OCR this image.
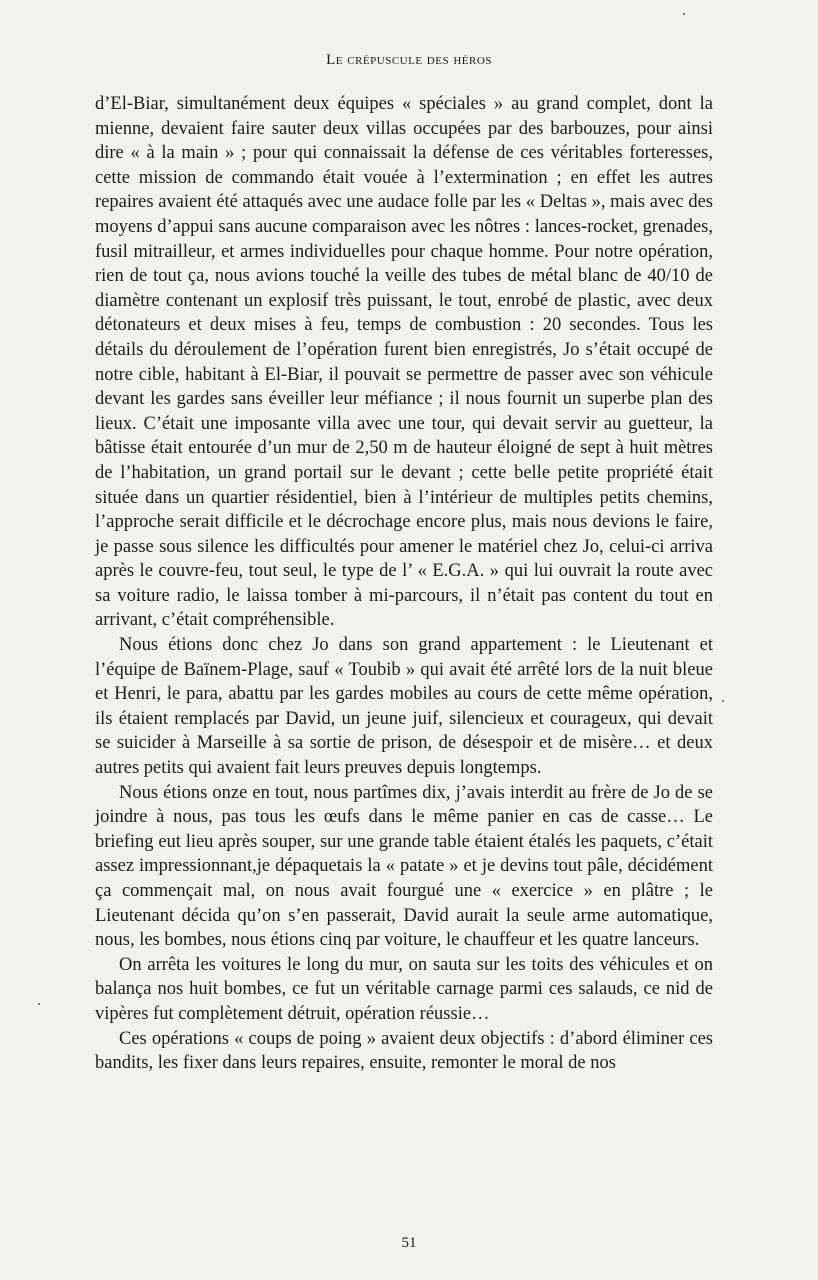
Le crépuscule des héros

d’El-Biar, simultanément deux équipes « spéciales » au grand complet, dont la mienne, devaient faire sauter deux villas occupées par des barbouzes, pour ainsi dire « à la main » ; pour qui connaissait la défense de ces véritables forteresses, cette mission de commando était vouée à l’extermination ; en effet les autres repaires avaient été attaqués avec une audace folle par les « Deltas », mais avec des moyens d’appui sans aucune comparaison avec les nôtres : lances-rocket, grenades, fusil mitrailleur, et armes individuelles pour chaque homme. Pour notre opération, rien de tout ça, nous avions touché la veille des tubes de métal blanc de 40/10 de diamètre contenant un explosif très puissant, le tout, enrobé de plastic, avec deux détonateurs et deux mises à feu, temps de combustion : 20 secondes. Tous les détails du déroulement de l’opération furent bien enregistrés, Jo s’était occupé de notre cible, habitant à El-Biar, il pouvait se permettre de passer avec son véhicule devant les gardes sans éveiller leur méfiance ; il nous fournit un superbe plan des lieux. C’était une imposante villa avec une tour, qui devait servir au guetteur, la bâtisse était entourée d’un mur de 2,50 m de hauteur éloigné de sept à huit mètres de l’habitation, un grand portail sur le devant ; cette belle petite propriété était située dans un quartier résidentiel, bien à l’intérieur de multiples petits chemins, l’approche serait difficile et le décrochage encore plus, mais nous devions le faire, je passe sous silence les difficultés pour amener le matériel chez Jo, celui-ci arriva après le couvre-feu, tout seul, le type de l’ « E.G.A. » qui lui ouvrait la route avec sa voiture radio, le laissa tomber à mi-parcours, il n’était pas content du tout en arrivant, c’était compréhensible.

Nous étions donc chez Jo dans son grand appartement : le Lieutenant et l’équipe de Baïnem-Plage, sauf « Toubib » qui avait été arrêté lors de la nuit bleue et Henri, le para, abattu par les gardes mobiles au cours de cette même opération, ils étaient remplacés par David, un jeune juif, silencieux et courageux, qui devait se suicider à Marseille à sa sortie de prison, de désespoir et de misère… et deux autres petits qui avaient fait leurs preuves depuis longtemps.

Nous étions onze en tout, nous partîmes dix, j’avais interdit au frère de Jo de se joindre à nous, pas tous les œufs dans le même panier en cas de casse… Le briefing eut lieu après souper, sur une grande table étaient étalés les paquets, c’était assez impressionnant,je dépaquetais la « patate » et je devins tout pâle, décidément ça commençait mal, on nous avait fourgué une « exercice » en plâtre ; le Lieutenant décida qu’on s’en passerait, David aurait la seule arme automatique, nous, les bombes, nous étions cinq par voiture, le chauffeur et les quatre lanceurs.

On arrêta les voitures le long du mur, on sauta sur les toits des véhicules et on balança nos huit bombes, ce fut un véritable carnage parmi ces salauds, ce nid de vipères fut complètement détruit, opération réussie…

Ces opérations « coups de poing » avaient deux objectifs : d’abord éliminer ces bandits, les fixer dans leurs repaires, ensuite, remonter le moral de nos

51
